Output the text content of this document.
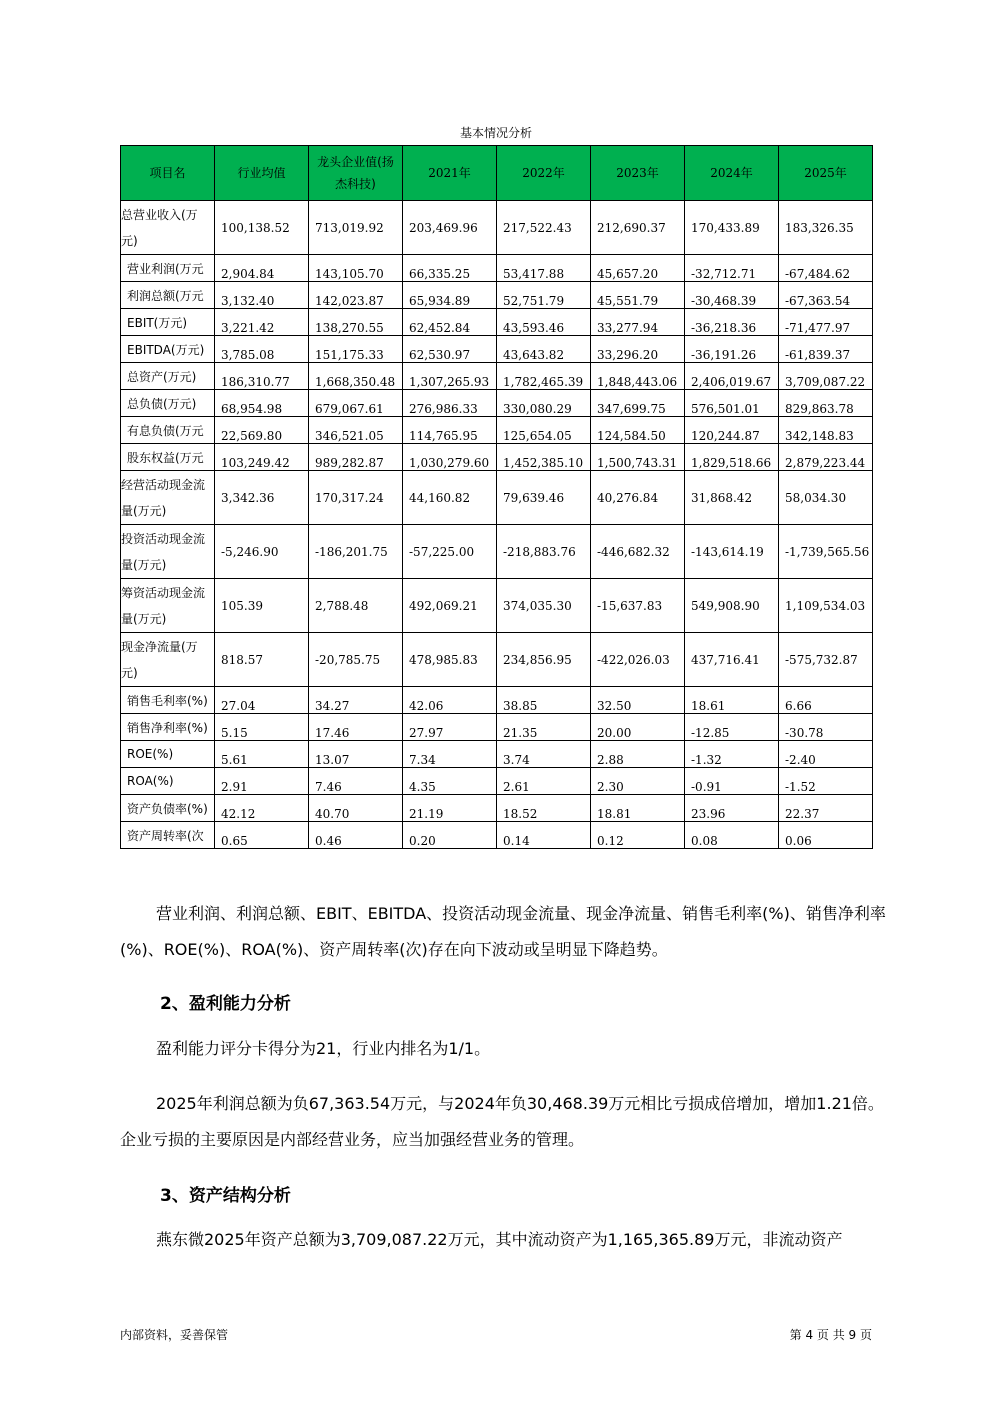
基本情况分析
项目名	行业均值	龙头企业值(扬杰科技)	2021年	2022年	2023年	2024年	2025年
总营业收入(万元)	100,138.52	713,019.92	203,469.96	217,522.43	212,690.37	170,433.89	183,326.35
营业利润(万元	2,904.84	143,105.70	66,335.25	53,417.88	45,657.20	-32,712.71	-67,484.62
利润总额(万元	3,132.40	142,023.87	65,934.89	52,751.79	45,551.79	-30,468.39	-67,363.54
EBIT(万元)	3,221.42	138,270.55	62,452.84	43,593.46	33,277.94	-36,218.36	-71,477.97
EBITDA(万元)	3,785.08	151,175.33	62,530.97	43,643.82	33,296.20	-36,191.26	-61,839.37
总资产(万元)	186,310.77	1,668,350.48	1,307,265.93	1,782,465.39	1,848,443.06	2,406,019.67	3,709,087.22
总负债(万元)	68,954.98	679,067.61	276,986.33	330,080.29	347,699.75	576,501.01	829,863.78
有息负债(万元	22,569.80	346,521.05	114,765.95	125,654.05	124,584.50	120,244.87	342,148.83
股东权益(万元	103,249.42	989,282.87	1,030,279.60	1,452,385.10	1,500,743.31	1,829,518.66	2,879,223.44
经营活动现金流量(万元)	3,342.36	170,317.24	44,160.82	79,639.46	40,276.84	31,868.42	58,034.30
投资活动现金流量(万元)	-5,246.90	-186,201.75	-57,225.00	-218,883.76	-446,682.32	-143,614.19	-1,739,565.56
筹资活动现金流量(万元)	105.39	2,788.48	492,069.21	374,035.30	-15,637.83	549,908.90	1,109,534.03
现金净流量(万元)	818.57	-20,785.75	478,985.83	234,856.95	-422,026.03	437,716.41	-575,732.87
销售毛利率(%)	27.04	34.27	42.06	38.85	32.50	18.61	6.66
销售净利率(%)	5.15	17.46	27.97	21.35	20.00	-12.85	-30.78
ROE(%)	5.61	13.07	7.34	3.74	2.88	-1.32	-2.40
ROA(%)	2.91	7.46	4.35	2.61	2.30	-0.91	-1.52
资产负债率(%)	42.12	40.70	21.19	18.52	18.81	23.96	22.37
资产周转率(次	0.65	0.46	0.20	0.14	0.12	0.08	0.06
营业利润、利润总额、EBIT、EBITDA、投资活动现金流量、现金净流量、销售毛利率(%)、销售净利率(%)、ROE(%)、ROA(%)、资产周转率(次)存在向下波动或呈明显下降趋势。
2、盈利能力分析
盈利能力评分卡得分为21，行业内排名为1/1。
2025年利润总额为负67,363.54万元，与2024年负30,468.39万元相比亏损成倍增加，增加1.21倍。企业亏损的主要原因是内部经营业务，应当加强经营业务的管理。
3、资产结构分析
燕东微2025年资产总额为3,709,087.22万元，其中流动资产为1,165,365.89万元，非流动资产
内部资料，妥善保管	第 4 页 共 9 页
